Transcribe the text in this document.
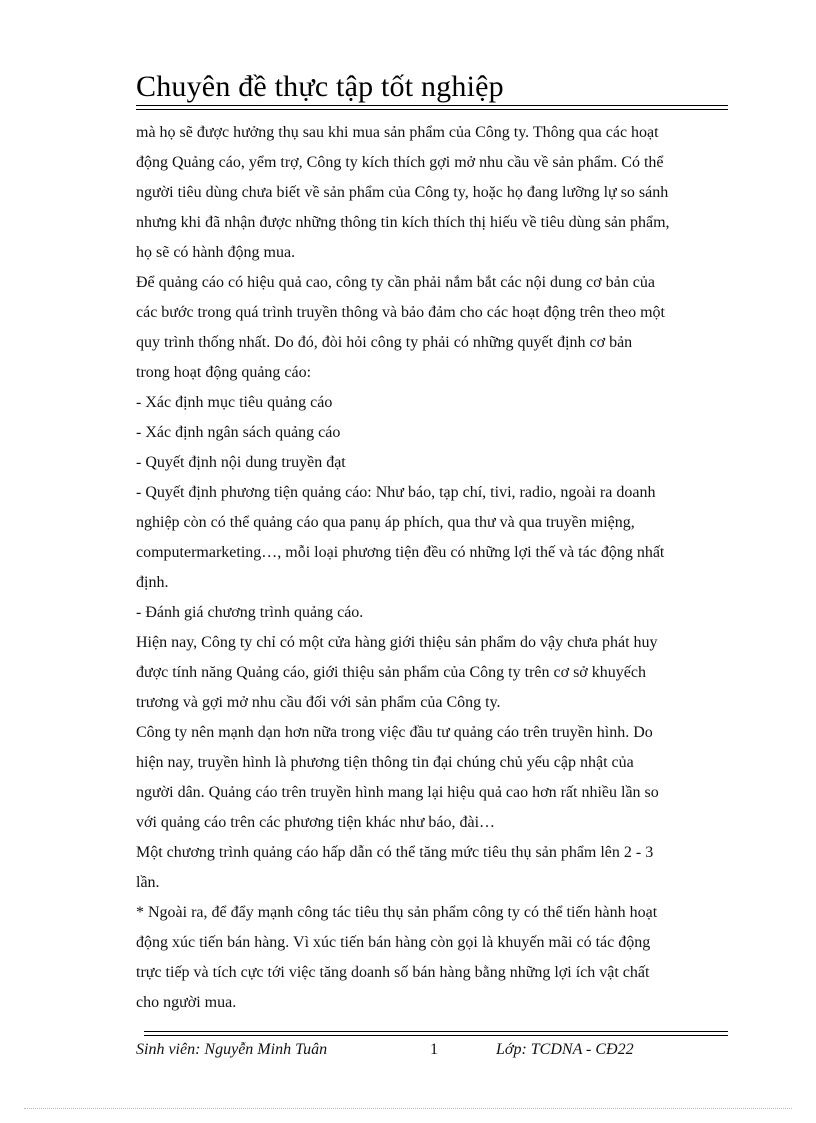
Chuyên đề thực tập tốt nghiệp
mà họ sẽ được hưởng thụ sau khi mua sản phẩm của Công ty. Thông qua các hoạt
động Quảng cáo, yểm trợ, Công ty kích thích gợi mở nhu cầu về sản phẩm. Có thể
người tiêu dùng chưa biết về sản phẩm của Công ty, hoặc họ đang lưỡng lự so sánh
nhưng khi đã nhận được những thông tin kích thích thị hiếu về tiêu dùng sản phẩm,
họ sẽ có hành động mua.
Để quảng cáo có hiệu quả cao, công ty cần phải nắm bắt các nội dung cơ bản của
các bước trong quá trình truyền thông và bảo đảm cho các hoạt động trên theo một
quy trình thống nhất. Do đó, đòi hỏi công ty phải có những quyết định cơ bản
trong hoạt động quảng cáo:
- Xác định mục tiêu quảng cáo
- Xác định ngân sách quảng cáo
- Quyết định nội dung truyền đạt
- Quyết định phương tiện quảng cáo: Như báo, tạp chí, tivi, radio, ngoài ra doanh
nghiệp còn có thể quảng cáo qua panụ áp phích, qua thư và qua truyền miệng,
computermarketing…, mỗi loại phương tiện đều có những lợi thế và tác động nhất
định.
- Đánh giá chương trình quảng cáo.
Hiện nay, Công ty chỉ có một cửa hàng giới thiệu sản phẩm do vậy chưa phát huy
được tính năng Quảng cáo, giới thiệu sản phẩm của Công ty trên cơ sở khuyếch
trương và gợi mở nhu cầu đối với sản phẩm của Công ty.
Công ty nên mạnh dạn hơn nữa trong việc đầu tư quảng cáo trên truyền hình. Do
hiện nay, truyền hình là phương tiện thông tin đại chúng chủ yếu cập nhật của
người dân. Quảng cáo trên truyền hình mang lại hiệu quả cao hơn rất nhiều lần so
với quảng cáo trên các phương tiện khác như báo, đài…
Một chương trình quảng cáo hấp dẫn có thể tăng mức tiêu thụ sản phẩm lên 2 - 3
lần.
* Ngoài ra, để đẩy mạnh công tác tiêu thụ sản phẩm công ty có thể tiến hành hoạt
động xúc tiến bán hàng. Vì xúc tiến bán hàng còn gọi là khuyến mãi có tác động
trực tiếp và tích cực tới việc tăng doanh số bán hàng bằng những lợi ích vật chất
cho người mua.
Sinh viên: Nguyễn Minh Tuân	1	Lớp: TCDNA - CĐ22
